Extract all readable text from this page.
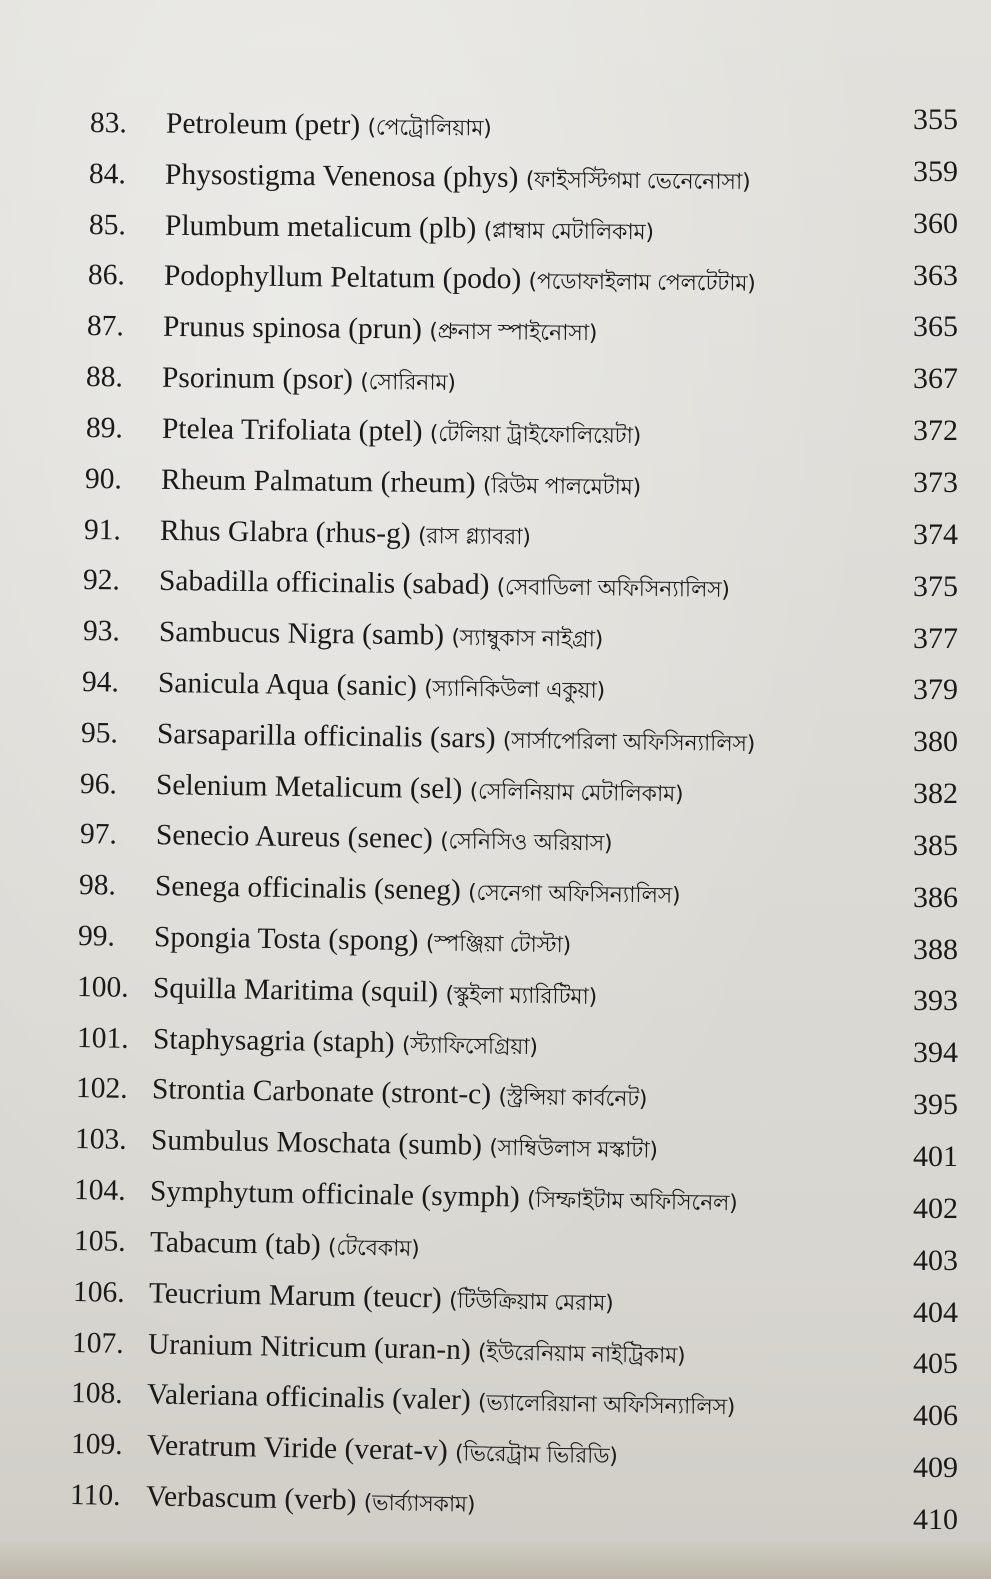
83. Petroleum (petr) (পেট্রোলিয়াম)	355
84. Physostigma Venenosa (phys) (ফাইসস্টিগমা ভেনেনোসা)	359
85. Plumbum metalicum (plb) (প্লাম্বাম মেটালিকাম)	360
86. Podophyllum Peltatum (podo) (পডোফাইলাম পেলটেটাম)	363
87. Prunus spinosa (prun) (প্রুনাস স্পাইনোসা)	365
88. Psorinum (psor) (সোরিনাম)	367
89. Ptelea Trifoliata (ptel) (টেলিয়া ট্রাইফোলিয়েটা)	372
90. Rheum Palmatum (rheum) (রিউম পালমেটাম)	373
91. Rhus Glabra (rhus-g) (রাস গ্ল্যাবরা)	374
92. Sabadilla officinalis (sabad) (সেবাডিলা অফিসিন্যালিস)	375
93. Sambucus Nigra (samb) (স্যাম্বুকাস নাইগ্রা)	377
94. Sanicula Aqua (sanic) (স্যানিকিউলা একুয়া)	379
95. Sarsaparilla officinalis (sars) (সার্সাপেরিলা অফিসিন্যালিস)	380
96. Selenium Metalicum (sel) (সেলিনিয়াম মেটালিকাম)	382
97. Senecio Aureus (senec) (সেনিসিও অরিয়াস)	385
98. Senega officinalis (seneg) (সেনেগা অফিসিন্যালিস)	386
99. Spongia Tosta (spong) (স্পঞ্জিয়া টোস্টা)	388
100. Squilla Maritima (squil) (স্কুইলা ম্যারিটিমা)	393
101. Staphysagria (staph) (স্ট্যাফিসেগ্রিয়া)	394
102. Strontia Carbonate (stront-c) (স্ট্রন্সিয়া কার্বনেট)	395
103. Sumbulus Moschata (sumb) (সাম্বিউলাস মস্কাটা)	401
104. Symphytum officinale (symph) (সিম্ফাইটাম অফিসিনেল)	402
105. Tabacum (tab) (টেবেকাম)	403
106. Teucrium Marum (teucr) (টিউক্রিয়াম মেরাম)	404
107. Uranium Nitricum (uran-n) (ইউরেনিয়াম নাইট্রিকাম)	405
108. Valeriana officinalis (valer) (ভ্যালেরিয়ানা অফিসিন্যালিস)	406
109. Veratrum Viride (verat-v) (ভিরেট্রাম ভিরিডি)	409
110. Verbascum (verb) (ভার্ব্যাসকাম)	410
